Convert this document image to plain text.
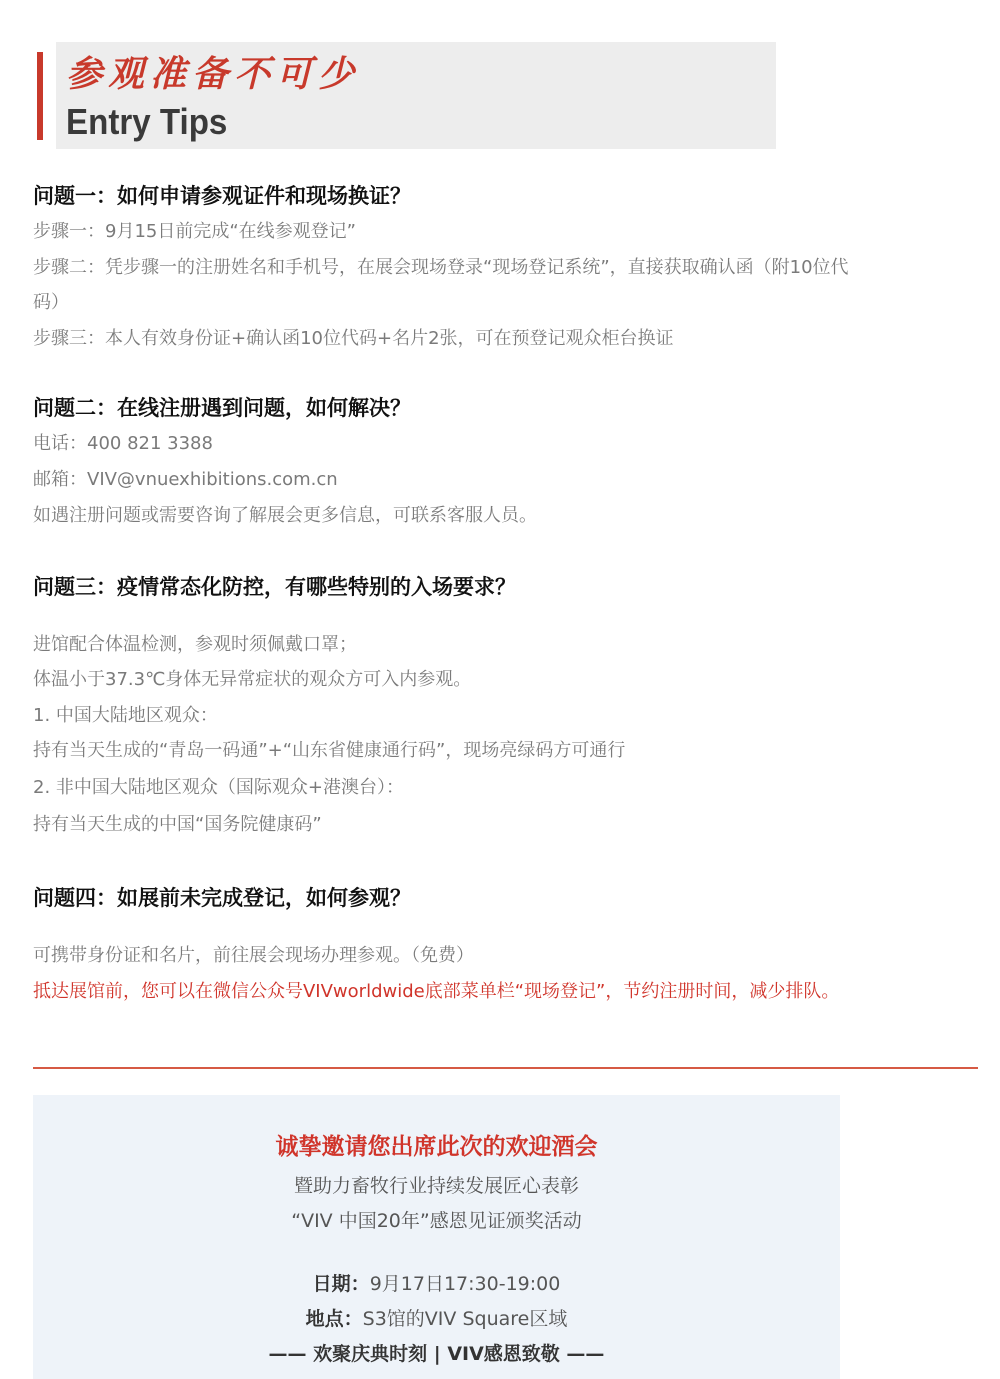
参观准备不可少
Entry Tips
问题一：如何申请参观证件和现场换证？
步骤一：9月15日前完成“在线参观登记”
步骤二：凭步骤一的注册姓名和手机号，在展会现场登录“现场登记系统”，直接获取确认函（附10位代
码）
步骤三：本人有效身份证+确认函10位代码+名片2张，可在预登记观众柜台换证
问题二：在线注册遇到问题，如何解决？
电话：400 821 3388
邮箱：VIV@vnuexhibitions.com.cn
如遇注册问题或需要咨询了解展会更多信息，可联系客服人员。
问题三：疫情常态化防控，有哪些特别的入场要求？
进馆配合体温检测，参观时须佩戴口罩；
体温小于37.3℃身体无异常症状的观众方可入内参观。
1. 中国大陆地区观众：
持有当天生成的“青岛一码通”+“山东省健康通行码”，现场亮绿码方可通行
2. 非中国大陆地区观众（国际观众+港澳台）：
持有当天生成的中国“国务院健康码”
问题四：如展前未完成登记，如何参观？
可携带身份证和名片，前往展会现场办理参观。（免费）
抵达展馆前，您可以在微信公众号VIVworldwide底部菜单栏“现场登记”，节约注册时间，减少排队。
诚挚邀请您出席此次的欢迎酒会
暨助力畜牧行业持续发展匠心表彰
“VIV 中国20年”感恩见证颁奖活动
日期：9月17日17:30-19:00
地点：S3馆的VIV Square区域
—— 欢聚庆典时刻 | VIV感恩致敬 ——
